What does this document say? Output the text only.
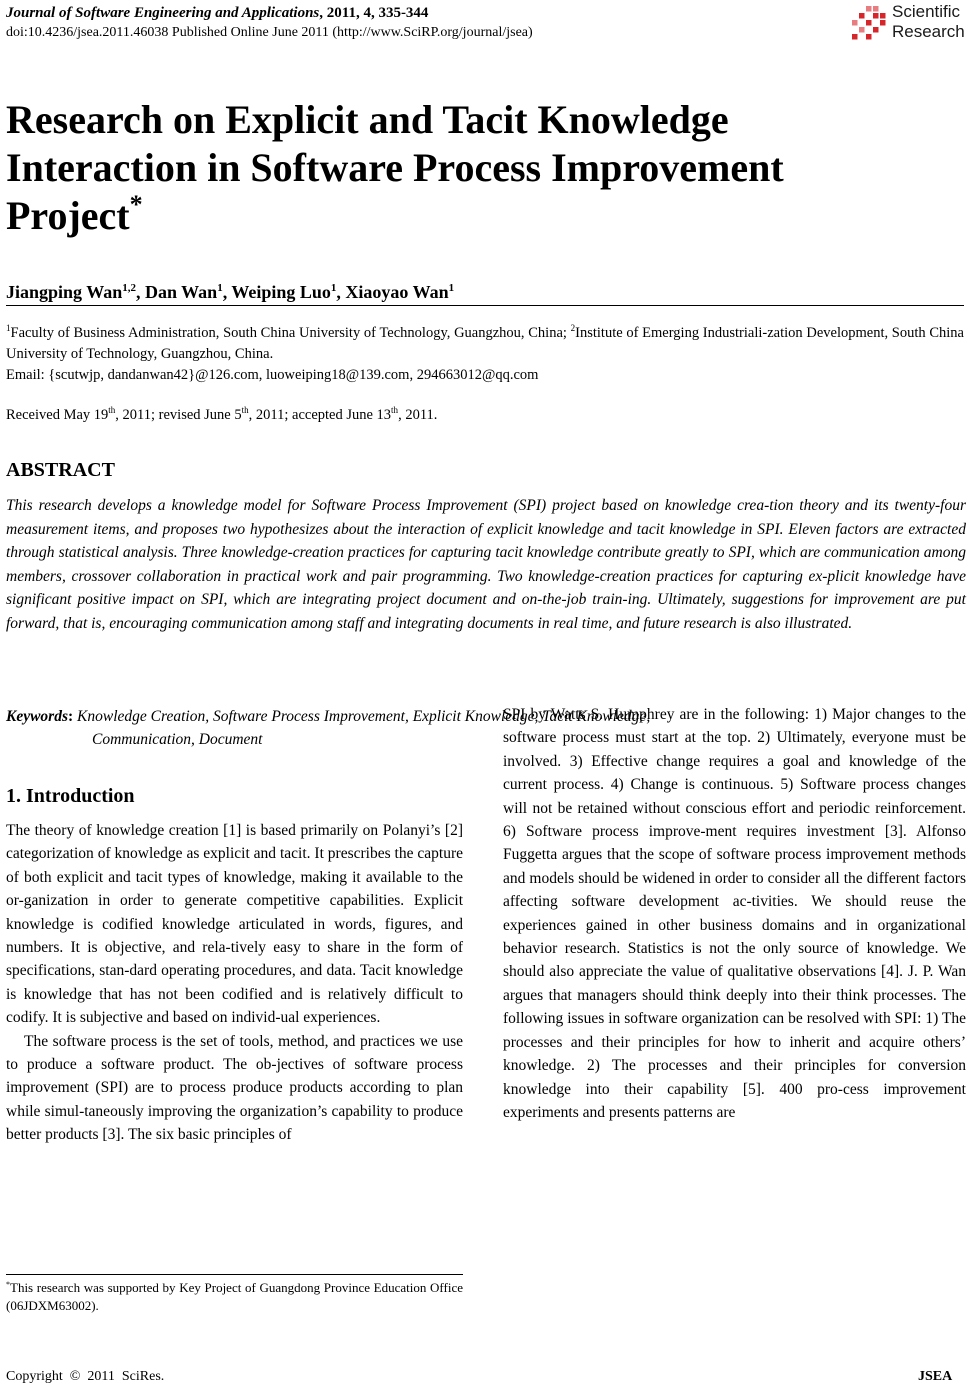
Journal of Software Engineering and Applications, 2011, 4, 335-344
doi:10.4236/jsea.2011.46038 Published Online June 2011 (http://www.SciRP.org/journal/jsea)
Scientific
Research
Research on Explicit and Tacit Knowledge
Interaction in Software Process Improvement
Project*
Jiangping Wan$^{1,2}$, Dan Wan$^1$, Weiping Luo$^1$, Xiaoyao Wan$^1$
$^1$Faculty of Business Administration, South China University of Technology, Guangzhou, China; $^2$Institute of Emerging Industriali-zation Development, South China University of Technology, Guangzhou, China.
Email: {scutwjp, dandanwan42}@126.com, luoweiping18@139.com, 294663012@qq.com
Received May 19th, 2011; revised June 5th, 2011; accepted June 13th, 2011.
ABSTRACT
This research develops a knowledge model for Software Process Improvement (SPI) project based on knowledge crea-tion theory and its twenty-four measurement items, and proposes two hypothesizes about the interaction of explicit knowledge and tacit knowledge in SPI. Eleven factors are extracted through statistical analysis. Three knowledge-creation practices for capturing tacit knowledge contribute greatly to SPI, which are communication among members, crossover collaboration in practical work and pair programming. Two knowledge-creation practices for capturing ex-plicit knowledge have significant positive impact on SPI, which are integrating project document and on-the-job train-ing. Ultimately, suggestions for improvement are put forward, that is, encouraging communication among staff and integrating documents in real time, and future research is also illustrated.
Keywords: Knowledge Creation, Software Process Improvement, Explicit Knowledge, Tacit Knowledge,
Communication, Document
1. Introduction

The theory of knowledge creation [1] is based primarily on Polanyi’s [2] categorization of knowledge as explicit and tacit. It prescribes the capture of both explicit and tacit types of knowledge, making it available to the or-ganization in order to generate competitive capabilities. Explicit knowledge is codified knowledge articulated in words, figures, and numbers. It is objective, and rela-tively easy to share in the form of specifications, stan-dard operating procedures, and data. Tacit knowledge is knowledge that has not been codified and is relatively difficult to codify. It is subjective and based on individ-ual experiences.

The software process is the set of tools, method, and practices we use to produce a software product. The ob-jectives of software process improvement (SPI) are to process produce products according to plan while simul-taneously improving the organization’s capability to produce better products [3]. The six basic principles of

SPI by Watts S. Humphrey are in the following: 1) Major changes to the software process must start at the top. 2) Ultimately, everyone must be involved. 3) Effective change requires a goal and knowledge of the current process. 4) Change is continuous. 5) Software process changes will not be retained without conscious effort and periodic reinforcement. 6) Software process improve-ment requires investment [3]. Alfonso Fuggetta argues that the scope of software process improvement methods and models should be widened in order to consider all the different factors affecting software development ac-tivities. We should reuse the experiences gained in other business domains and in organizational behavior research. Statistics is not the only source of knowledge. We should also appreciate the value of qualitative observations [4]. J. P. Wan argues that managers should think deeply into their think processes. The following issues in software organization can be resolved with SPI: 1) The processes and their principles for how to inherit and acquire others’ knowledge. 2) The processes and their principles for conversion knowledge into their capability [5]. 400 pro-cess improvement experiments and presents patterns are

*This research was supported by Key Project of Guangdong Province Education Office (06JDXM63002).
Copyright  ©  2011  SciRes.	JSEA
